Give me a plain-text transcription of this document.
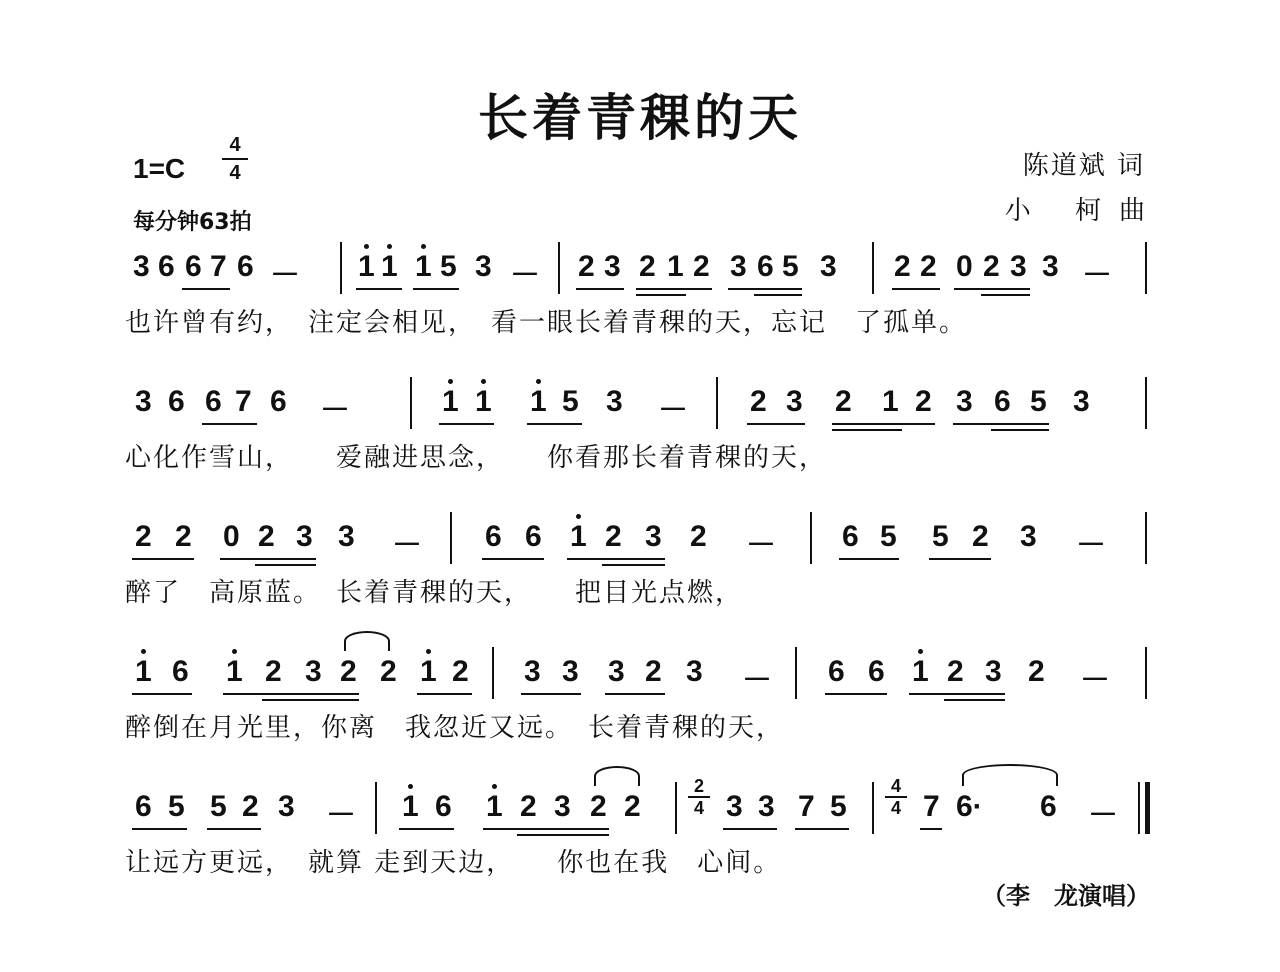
长着青稞的天
1=C
4
4
每分钟63拍
陈道斌 词
小 柯曲
3 6 6 7 6 － 1 1 1 5 3 － 2 3 2 1 2 3 6 5 3 2 2 0 2 3 3 －
也许曾有约，　注定会相见，　看一眼长着青稞的天，忘记　了孤单。
3 6 6 7 6 －	1 1 1 5 3 － 2 3 2 1 2 3 6 5 3
心化作雪山，　　爱融进思念，　　你看那长着青稞的天，
2 2 0 2 3 3 － 6 6 1 2 3 2 － 6 5 5 2 3 －
醉了　高原蓝。　长着青稞的天，　　把目光点燃，
1 6 1 2 3 2 2 1 2 3 3 3 2 3 － 6 6 1 2 3 2 －
醉倒在月光里，你离　我忽近又远。　长着青稞的天，
6 5 5 2 3 － 1 6 1 2 3 2 2
2
4 3 3 7 5
4
4 7 6· 6 －
让远方更远，　就算 走到天边，　　你也在我　心间。
（李　龙演唱）
